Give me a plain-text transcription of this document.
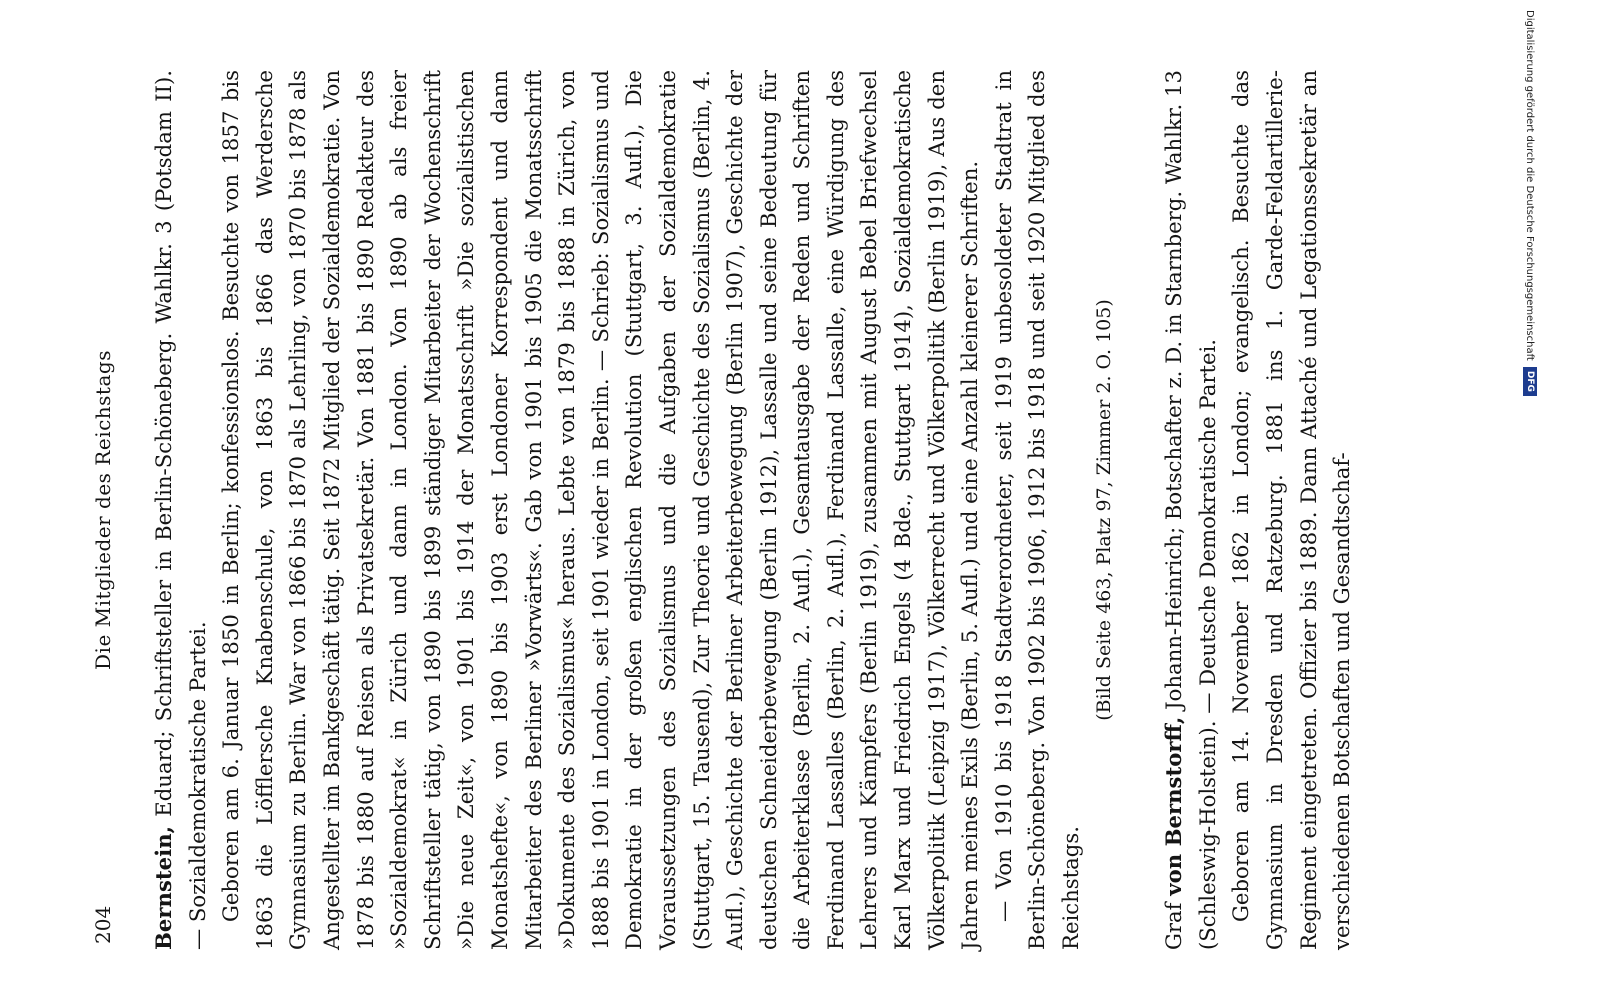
204
Die Mitglieder des Reichstags

Bernstein, Eduard; Schriftsteller in Berlin-Schöneberg. Wahlkr. 3 (Potsdam II). — Sozialdemokratische Partei. Geboren am 6. Januar 1850 in Berlin; konfessionslos. Besuchte von 1857 bis 1863 die Löfflersche Knabenschule, von 1863 bis 1866 das Werdersche Gymnasium zu Berlin. War von 1866 bis 1870 als Lehrling, von 1870 bis 1878 als Angestellter im Bankgeschäft tätig. Seit 1872 Mitglied der Sozialdemokratie. Von 1878 bis 1880 auf Reisen als Privatsekretär. Von 1881 bis 1890 Redakteur des »Sozialdemokrat« in Zürich und dann in London. Von 1890 ab als freier Schriftsteller tätig, von 1890 bis 1899 ständiger Mitarbeiter der Wochenschrift »Die neue Zeit«, von 1901 bis 1914 der Monatsschrift »Die sozialistischen Monatshefte«, von 1890 bis 1903 erst Londoner Korrespondent und dann Mitarbeiter des Berliner »Vorwärts«. Gab von 1901 bis 1905 die Monatsschrift »Dokumente des Sozialismus« heraus. Lebte von 1879 bis 1888 in Zürich, von 1888 bis 1901 in London, seit 1901 wieder in Berlin. — Schrieb: Sozialismus und Demokratie in der großen englischen Revolution (Stuttgart, 3. Aufl.), Die Voraussetzungen des Sozialismus und die Aufgaben der Sozialdemokratie (Stuttgart, 15. Tausend), Zur Theorie und Geschichte des Sozialismus (Berlin, 4. Aufl.), Geschichte der Berliner Arbeiterbewegung (Berlin 1907), Geschichte der deutschen Schneiderbewegung (Berlin 1912), Lassalle und seine Bedeutung für die Arbeiterklasse (Berlin, 2. Aufl.), Gesamtausgabe der Reden und Schriften Ferdinand Lassalles (Berlin, 2. Aufl.), Ferdinand Lassalle, eine Würdigung des Lehrers und Kämpfers (Berlin 1919), zusammen mit August Bebel Briefwechsel Karl Marx und Friedrich Engels (4 Bde., Stuttgart 1914), Sozialdemokratische Völkerpolitik (Leipzig 1917), Völkerrecht und Völkerpolitik (Berlin 1919), Aus den Jahren meines Exils (Berlin, 5. Aufl.) und eine Anzahl kleinerer Schriften. — Von 1910 bis 1918 Stadtverordneter, seit 1919 unbesoldeter Stadtrat in Berlin-Schöneberg. Von 1902 bis 1906, 1912 bis 1918 und seit 1920 Mitglied des Reichstags.

(Bild Seite 463, Platz 97, Zimmer 2. O. 105)

Graf von Bernstorff, Johann-Heinrich; Botschafter z. D. in Starnberg. Wahlkr. 13 (Schleswig-Holstein). — Deutsche Demokratische Partei. Geboren am 14. November 1862 in London; evangelisch. Besuchte das Gymnasium in Dresden und Ratzeburg. 1881 ins 1. Garde-Feldartillerie-Regiment eingetreten. Offizier bis 1889. Dann Attaché und Legationssekretär an verschiedenen Botschaften und Gesandtschaf-

Digitalisierung gefördert durch die Deutsche ForschungsgemeinschaftDFG
